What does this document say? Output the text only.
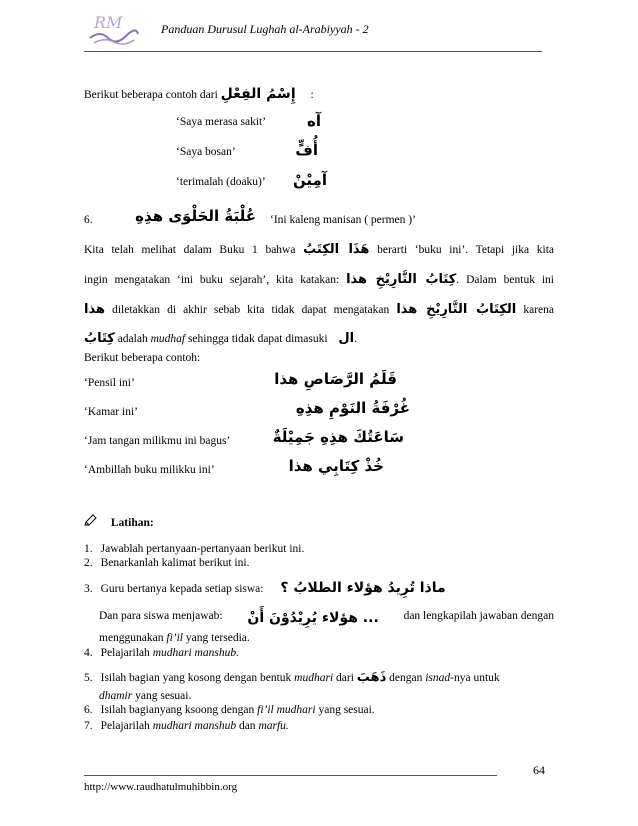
RM	Panduan Durusul Lughah al-Arabiyyah - 2
Berikut beberapa contoh dari إِسْمُ الفِعْلِ :
‘Saya merasa sakit’	آه
‘Saya bosan’	أُفٍّ
‘terimalah (doaku)’ آمِيْنْ
6.	عُلْبَةُ الحَلْوَى هذِهِ ‘Ini kaleng manisan ( permen )’
Kita telah melihat dalam Buku 1 bahwa هَذَا الكِتَبُ berarti ‘buku ini’. Tetapi jika kita
ingin mengatakan ‘ini buku sejarah’, kita katakan: كِتَابُ التَّارِيْخِ هذا. Dalam bentuk ini
هذا diletakkan di akhir sebab kita tidak dapat mengatakan الكِتَابُ التَّارِيْخِ هذا karena
كِتَابُ adalah mudhaf sehingga tidak dapat dimasuki ال.
Berikut beberapa contoh:
‘Pensil ini’	قَلَمُ الرَّصَاصِ هذا
‘Kamar ini’	غُرْفَةُ النَوْمِ هذِهِ
‘Jam tangan milikmu ini bagus’	سَاعَتُكَ هذِهِ جَمِيْلَةٌ
‘Ambillah buku milikku ini’	خُذْ كِتَابِي هذا
Latihan:
1. Jawablah pertanyaan-pertanyaan berikut ini.
2. Benarkanlah kalimat berikut ini.
3. Guru bertanya kepada setiap siswa: ماذا تُرِيدُ هؤلاء الطلابُ ؟
Dan para siswa menjawab: ... هؤلاء يُرِيْدُوْنَ أَنْ dan lengkapilah jawaban dengan
menggunakan fi’il yang tersedia.
4. Pelajarilah mudhari manshub.
5. Isilah bagian yang kosong dengan bentuk mudhari dari ذَهَبَ dengan isnad-nya untuk
dhamir yang sesuai.
6. Isilah bagianyang ksoong dengan fi’il mudhari yang sesuai.
7. Pelajarilah mudhari manshub dan marfu.
64
http://www.raudhatulmuhibbin.org
